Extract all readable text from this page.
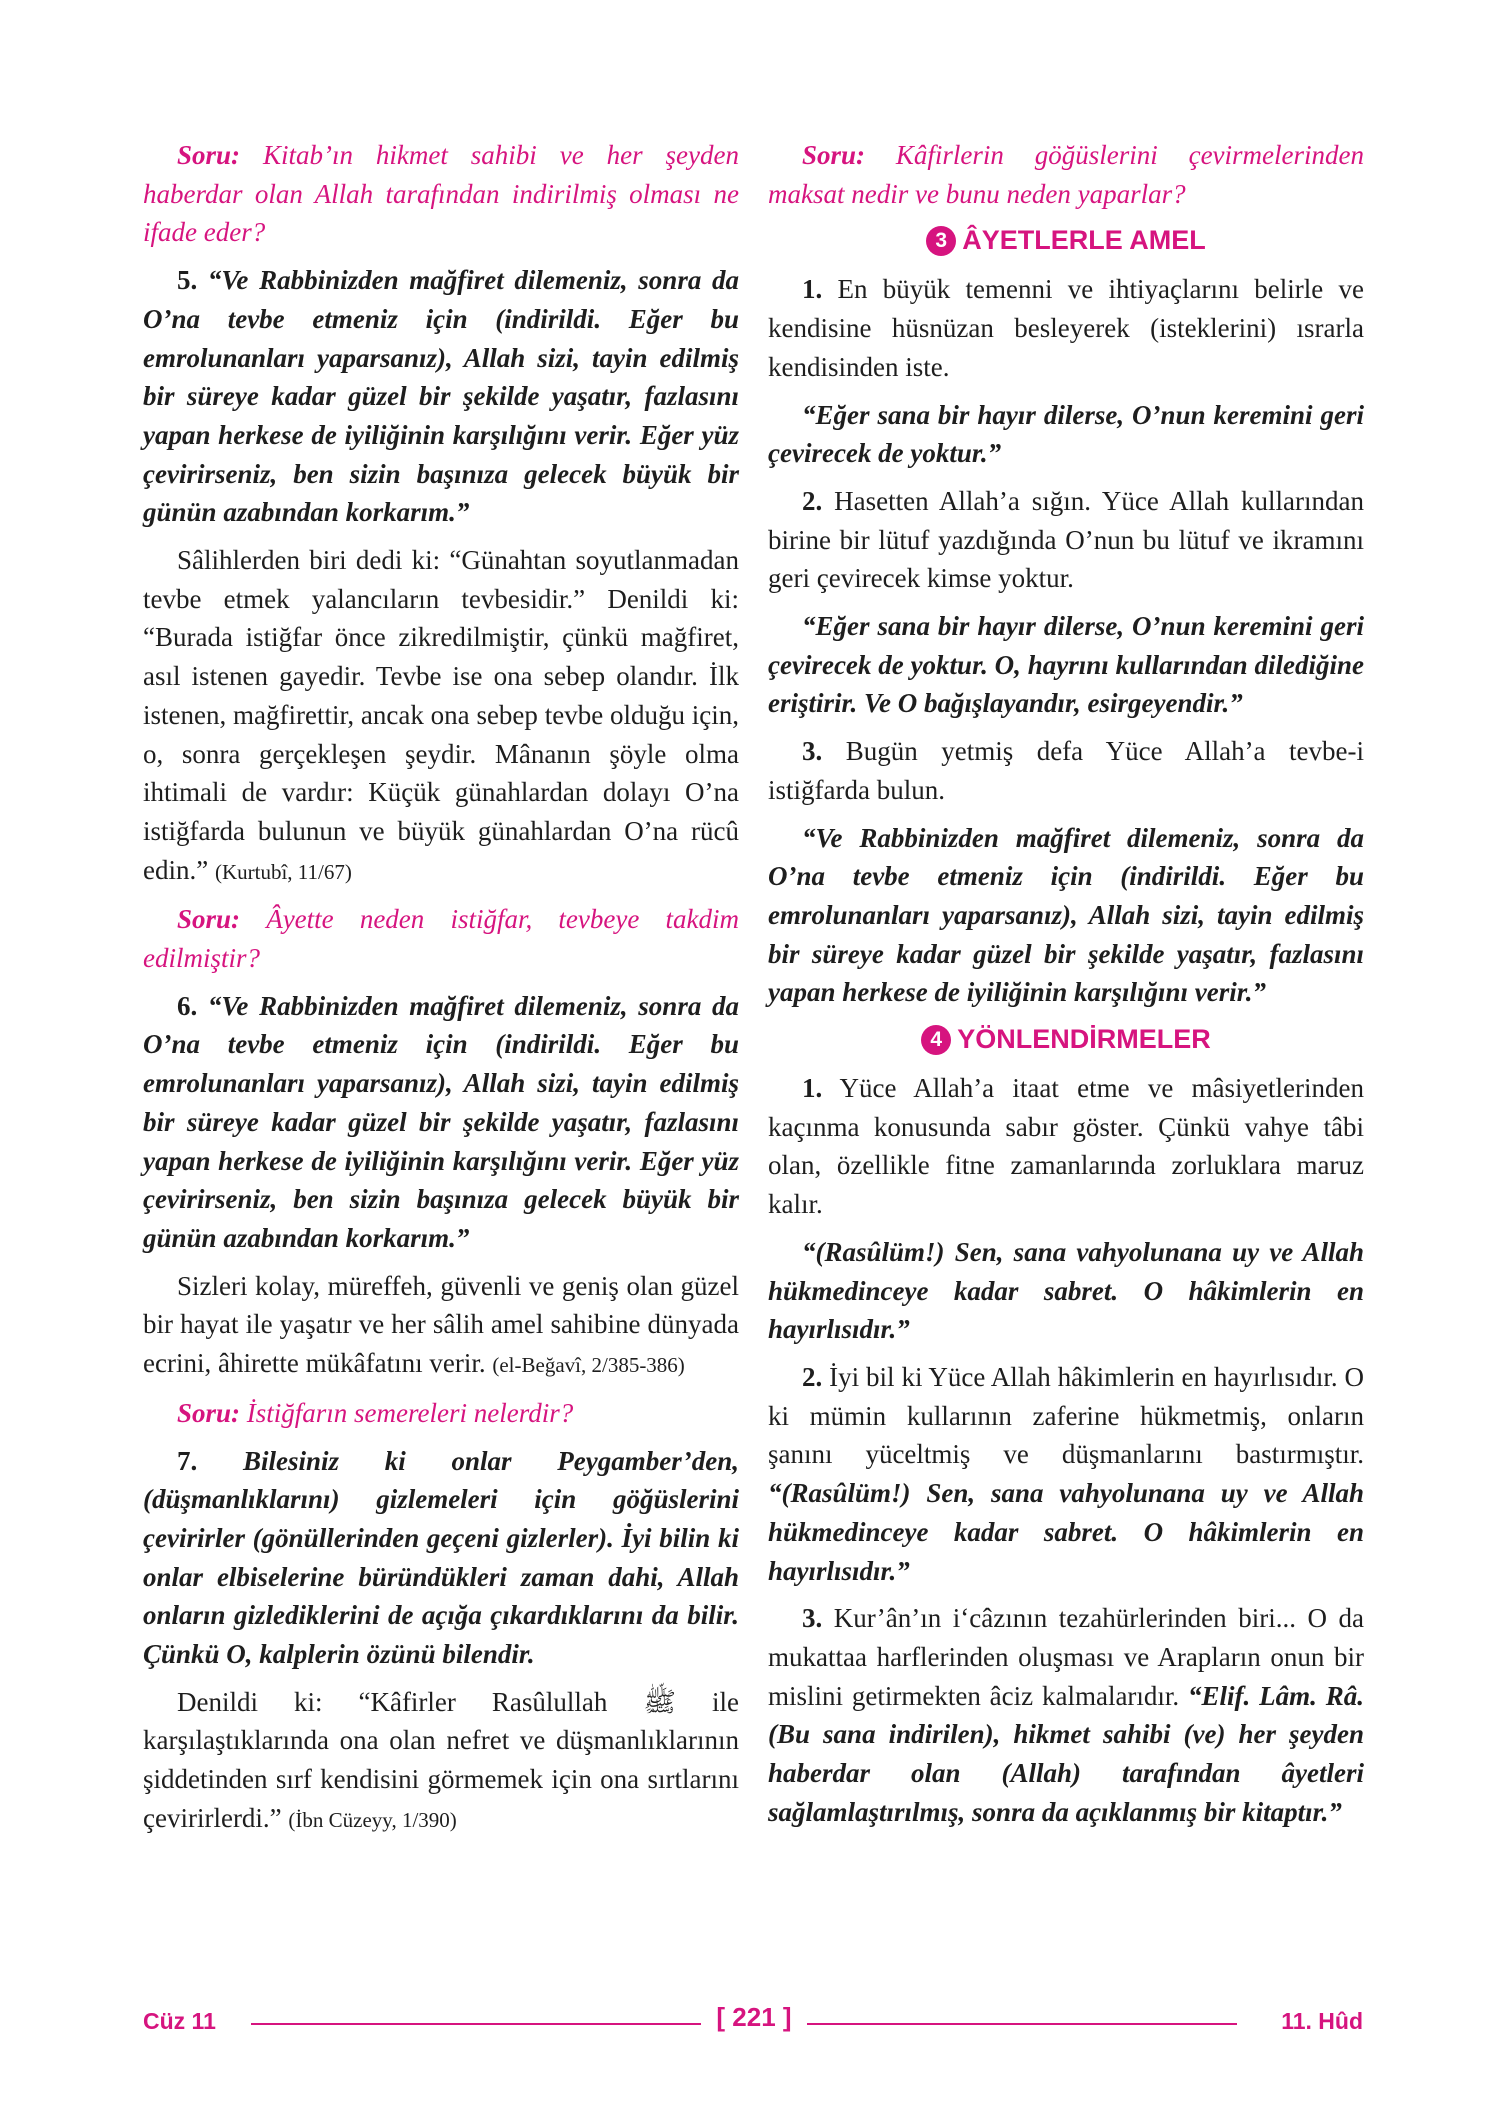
Soru: Kitab’ın hikmet sahibi ve her şeyden haberdar olan Allah tarafından indirilmiş olması ne ifade eder?

5. “Ve Rabbinizden mağfiret dilemeniz, sonra da O’na tevbe etmeniz için (indirildi. Eğer bu emrolunanları yaparsanız), Allah sizi, tayin edilmiş bir süreye kadar güzel bir şekilde yaşatır, fazlasını yapan herkese de iyiliğinin karşılığını verir. Eğer yüz çevirirseniz, ben sizin başınıza gelecek büyük bir günün azabından korkarım.”

Sâlihlerden biri dedi ki: “Günahtan soyutlanmadan tevbe etmek yalancıların tevbesidir.” Denildi ki: “Burada istiğfar önce zikredilmiştir, çünkü mağfiret, asıl istenen gayedir. Tevbe ise ona sebep olandır. İlk istenen, mağfirettir, ancak ona sebep tevbe olduğu için, o, sonra gerçekleşen şeydir. Mânanın şöyle olma ihtimali de vardır: Küçük günahlardan dolayı O’na istiğfarda bulunun ve büyük günahlardan O’na rücû edin.” (Kurtubî, 11/67)

Soru: Âyette neden istiğfar, tevbeye takdim edilmiştir?

6. “Ve Rabbinizden mağfiret dilemeniz, sonra da O’na tevbe etmeniz için (indirildi. Eğer bu emrolunanları yaparsanız), Allah sizi, tayin edilmiş bir süreye kadar güzel bir şekilde yaşatır, fazlasını yapan herkese de iyiliğinin karşılığını verir. Eğer yüz çevirirseniz, ben sizin başınıza gelecek büyük bir günün azabından korkarım.”

Sizleri kolay, müreffeh, güvenli ve geniş olan güzel bir hayat ile yaşatır ve her sâlih amel sahibine dünyada ecrini, âhirette mükâfatını verir. (el-Beğavî, 2/385-386)

Soru: İstiğfarın semereleri nelerdir?

7. Bilesiniz ki onlar Peygamber’den, (düşmanlıklarını) gizlemeleri için göğüslerini çevirirler (gönüllerinden geçeni gizlerler). İyi bilin ki onlar elbiselerine büründükleri zaman dahi, Allah onların gizlediklerini de açığa çıkardıklarını da bilir. Çünkü O, kalplerin özünü bilendir.

Denildi ki: “Kâfirler Rasûlullah ﷺ ile karşılaştıklarında ona olan nefret ve düşmanlıklarının şiddetinden sırf kendisini görmemek için ona sırtlarını çevirirlerdi.” (İbn Cüzeyy, 1/390)

Soru: Kâfirlerin göğüslerini çevirmelerinden maksat nedir ve bunu neden yaparlar?

3 ÂYETLERLE AMEL

1. En büyük temenni ve ihtiyaçlarını belirle ve kendisine hüsnüzan besleyerek (isteklerini) ısrarla kendisinden iste.

“Eğer sana bir hayır dilerse, O’nun keremini geri çevirecek de yoktur.”

2. Hasetten Allah’a sığın. Yüce Allah kullarından birine bir lütuf yazdığında O’nun bu lütuf ve ikramını geri çevirecek kimse yoktur.

“Eğer sana bir hayır dilerse, O’nun keremini geri çevirecek de yoktur. O, hayrını kullarından dilediğine eriştirir. Ve O bağışlayandır, esirgeyendir.”

3. Bugün yetmiş defa Yüce Allah’a tevbe-i istiğfarda bulun.

“Ve Rabbinizden mağfiret dilemeniz, sonra da O’na tevbe etmeniz için (indirildi. Eğer bu emrolunanları yaparsanız), Allah sizi, tayin edilmiş bir süreye kadar güzel bir şekilde yaşatır, fazlasını yapan herkese de iyiliğinin karşılığını verir.”

4 YÖNLENDİRMELER

1. Yüce Allah’a itaat etme ve mâsiyetlerinden kaçınma konusunda sabır göster. Çünkü vahye tâbi olan, özellikle fitne zamanlarında zorluklara maruz kalır.

“(Rasûlüm!) Sen, sana vahyolunana uy ve Allah hükmedinceye kadar sabret. O hâkimlerin en hayırlısıdır.”

2. İyi bil ki Yüce Allah hâkimlerin en hayırlısıdır. O ki mümin kullarının zaferine hükmetmiş, onların şanını yüceltmiş ve düşmanlarını bastırmıştır. “(Rasûlüm!) Sen, sana vahyolunana uy ve Allah hükmedinceye kadar sabret. O hâkimlerin en hayırlısıdır.”

3. Kur’ân’ın i‘câzının tezahürlerinden biri... O da mukattaa harflerinden oluşması ve Arapların onun bir mislini getirmekten âciz kalmalarıdır. “Elif. Lâm. Râ. (Bu sana indirilen), hikmet sahibi (ve) her şeyden haberdar olan (Allah) tarafından âyetleri sağlamlaştırılmış, sonra da açıklanmış bir kitaptır.”

Cüz 11	[ 221 ]	11. Hûd
